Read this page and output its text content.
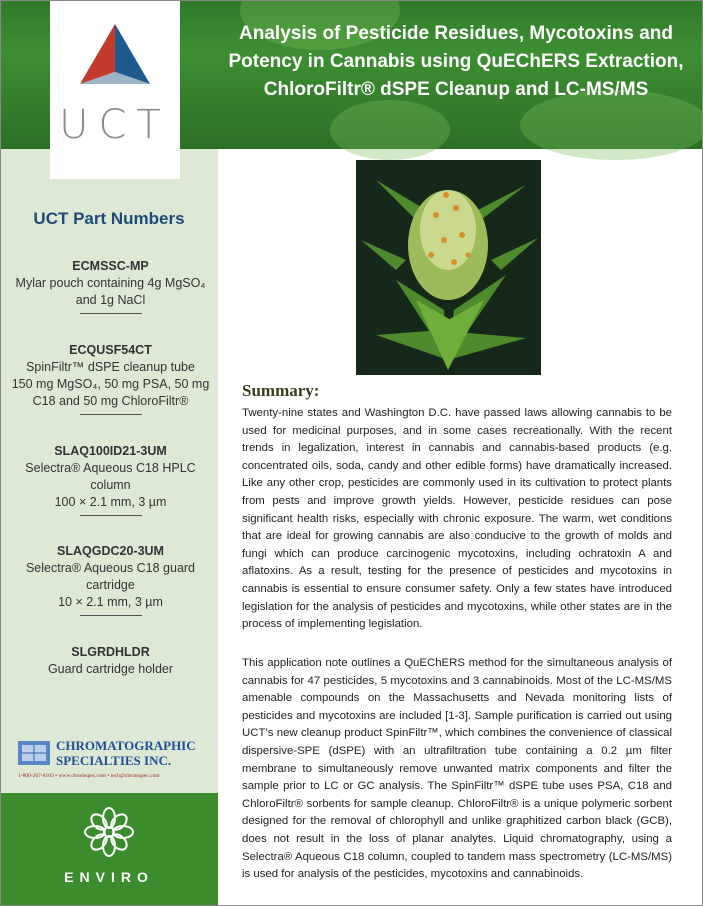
Analysis of Pesticide Residues, Mycotoxins and
Potency in Cannabis using QuEChERS Extraction,
ChloroFiltr® dSPE Cleanup and LC-MS/MS
UCT
UCT Part Numbers
ECMSSC-MP
Mylar pouch containing 4g MgSO₄
and 1g NaCl
ECQUSF54CT
SpinFiltr™ dSPE cleanup tube
150 mg MgSO₄, 50 mg PSA, 50 mg
C18 and 50 mg ChloroFiltr®
SLAQ100ID21-3UM
Selectra® Aqueous C18 HPLC
column
100 × 2.1 mm, 3 µm
SLAQGDC20-3UM
Selectra® Aqueous C18 guard
cartridge
10 × 2.1 mm, 3 µm
SLGRDHLDR
Guard cartridge holder
CHROMATOGRAPHIC
SPECIALTIES INC.
1-800-267-8103 • www.chromspec.com • tech@chromspec.com
ENVIRO
Summary:
Twenty-nine states and Washington D.C. have passed laws allowing cannabis to be used for medicinal purposes, and in some cases recreationally. With the recent trends in legalization, interest in cannabis and cannabis-based products (e.g. concentrated oils, soda, candy and other edible forms) have dramatically increased. Like any other crop, pesticides are commonly used in its cultivation to protect plants from pests and improve growth yields. However, pesticide residues can pose significant health risks, especially with chronic exposure. The warm, wet conditions that are ideal for growing cannabis are also conducive to the growth of molds and fungi which can produce carcinogenic mycotoxins, including ochratoxin A and aflatoxins. As a result, testing for the presence of pesticides and mycotoxins in cannabis is essential to ensure consumer safety. Only a few states have introduced legislation for the analysis of pesticides and mycotoxins, while other states are in the process of implementing legislation.
This application note outlines a QuEChERS method for the simultaneous analysis of cannabis for 47 pesticides, 5 mycotoxins and 3 cannabinoids. Most of the LC-MS/MS amenable compounds on the Massachusetts and Nevada monitoring lists of pesticides and mycotoxins are included [1-3]. Sample purification is carried out using UCT’s new cleanup product SpinFiltr™, which combines the convenience of classical dispersive-SPE (dSPE) with an ultrafiltration tube containing a 0.2 µm filter membrane to simultaneously remove unwanted matrix components and filter the sample prior to LC or GC analysis. The SpinFiltr™ dSPE tube uses PSA, C18 and ChloroFiltr® sorbents for sample cleanup. ChloroFiltr® is a unique polymeric sorbent designed for the removal of chlorophyll and unlike graphitized carbon black (GCB), does not result in the loss of planar analytes. Liquid chromatography, using a Selectra® Aqueous C18 column, coupled to tandem mass spectrometry (LC-MS/MS) is used for analysis of the pesticides, mycotoxins and cannabinoids.
